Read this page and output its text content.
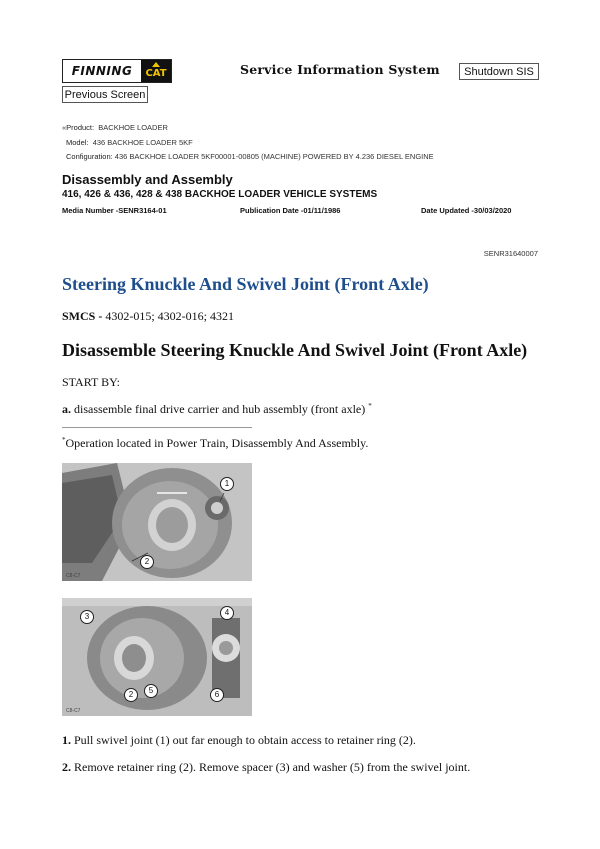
FINNING	CAT	Service Information System	Shutdown SIS
Previous Screen
«Product: BACKHOE LOADER
Model: 436 BACKHOE LOADER 5KF
Configuration: 436 BACKHOE LOADER 5KF00001-00805 (MACHINE) POWERED BY 4.236 DIESEL ENGINE
Disassembly and Assembly
416, 426 & 436, 428 & 438 BACKHOE LOADER VEHICLE SYSTEMS
Media Number -SENR3164-01	Publication Date -01/11/1986	Date Updated -30/03/2020
SENR31640007
Steering Knuckle And Swivel Joint (Front Axle)
SMCS - 4302-015; 4302-016; 4321
Disassemble Steering Knuckle And Swivel Joint (Front Axle)
START BY:
a. disassemble final drive carrier and hub assembly (front axle) *
*Operation located in Power Train, Disassembly And Assembly.
C8-C7
1
2
C8-C7
3	4
2	5	6
1. Pull swivel joint (1) out far enough to obtain access to retainer ring (2).
2. Remove retainer ring (2). Remove spacer (3) and washer (5) from the swivel joint.
